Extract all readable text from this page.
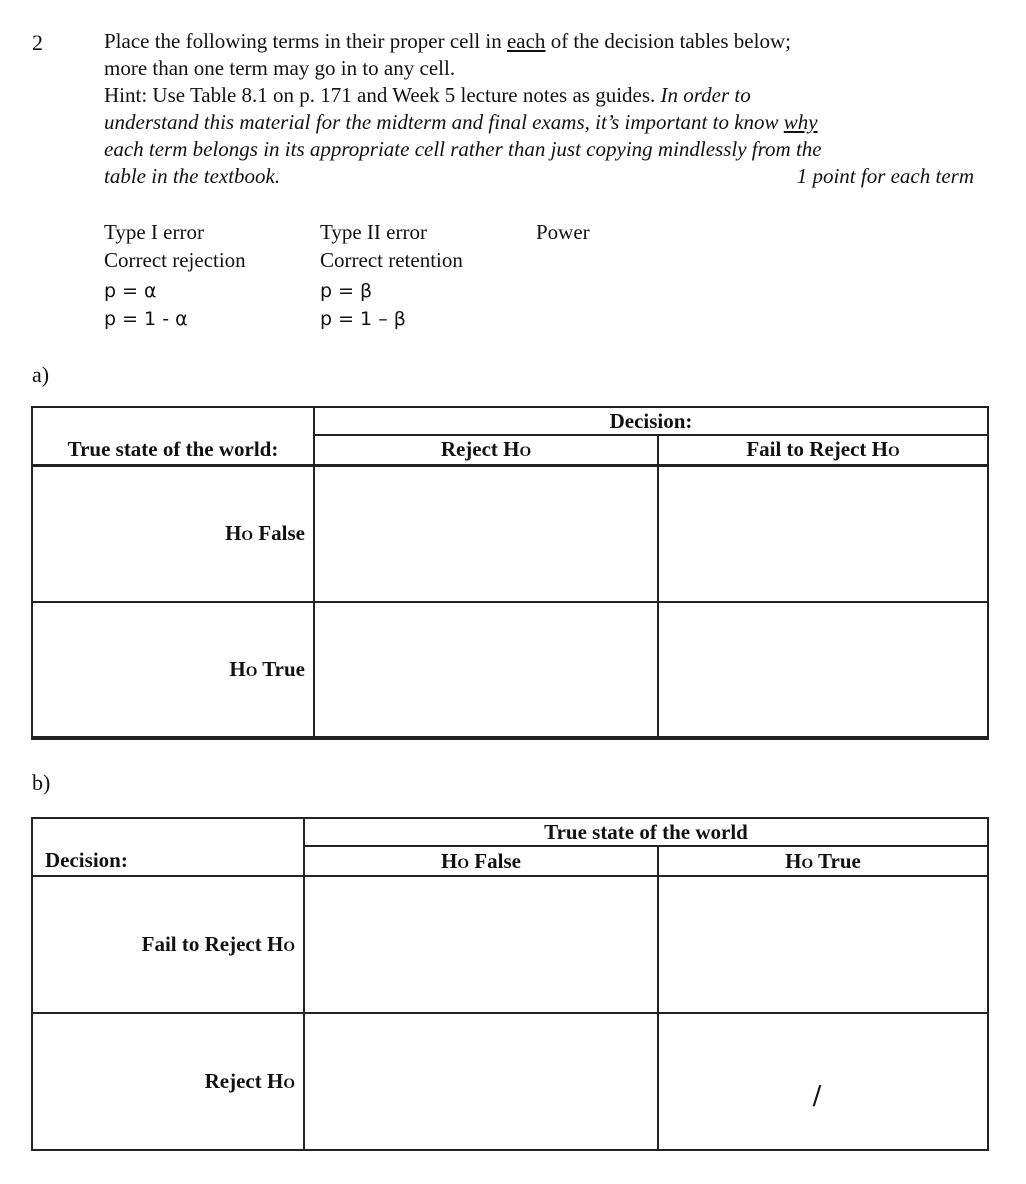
2	Place the following terms in their proper cell in each of the decision tables below;
more than one term may go in to any cell.
Hint: Use Table 8.1 on p. 171 and Week 5 lecture notes as guides. In order to
understand this material for the midterm and final exams, it’s important to know why
each term belongs in its appropriate cell rather than just copying mindlessly from the
table in the textbook.	1 point for each term
Type I error
Correct rejection
p = α
p = 1 - α
Type II error
Correct retention
p = β
p = 1 – β
Power
a)
	Decision:	
True state of the world:	Reject HO	Fail to Reject HO
HO False		
HO True		
b)
	True state of the world	
Decision:	HO False	HO True
Fail to Reject HO		
Reject HO		/
